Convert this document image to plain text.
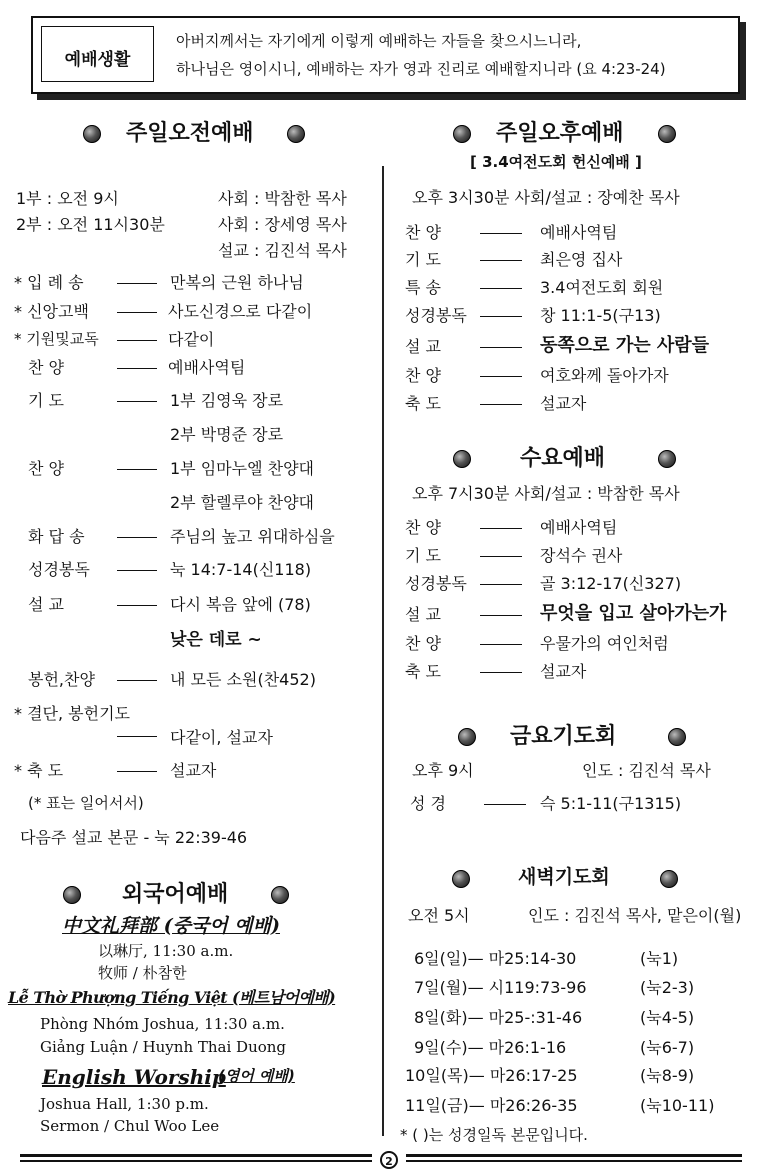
예배생활
아버지께서는 자기에게 이렇게 예배하는 자들을 찾으시느니라,
하나님은 영이시니, 예배하는 자가 영과 진리로 예배할지니라 (요 4:23-24)
주일오전예배
1부 : 오전 9시	사회 : 박참한 목사
2부 : 오전 11시30분	사회 : 장세영 목사
설교 : 김진석 목사
* 입 례 송	만복의 근원 하나님
* 신앙고백	사도신경으로 다같이
* 기원및교독	다같이
찬 양	예배사역팀
기 도	1부 김영욱 장로
2부 박명준 장로
찬 양	1부 임마누엘 찬양대
2부 할렐루야 찬양대
화 답 송	주님의 높고 위대하심을
성경봉독	눅 14:7-14(신118)
설 교	다시 복음 앞에 (78)
낮은 데로 ~
봉헌,찬양	내 모든 소원(찬452)
* 결단, 봉헌기도
다같이, 설교자
* 축 도	설교자
(* 표는 일어서서)
다음주 설교 본문 - 눅 22:39-46
외국어예배
中文礼拜部 (중국어 예배)
以琳厅, 11:30 a.m.
牧师 / 朴참한
Lễ Thờ Phượng Tiếng Việt (베트남어예배)
Phòng Nhóm Joshua, 11:30 a.m.
Giảng Luận / Huynh Thai Duong
English Worship
(영어 예배)
Joshua Hall, 1:30 p.m.
Sermon / Chul Woo Lee
주일오후예배
[ 3.4여전도회 헌신예배 ]
오후 3시30분 사회/설교 : 장예찬 목사
찬 양	예배사역팀
기 도	최은영 집사
특 송	3.4여전도회 회원
성경봉독	창 11:1-5(구13)
설 교	동쪽으로 가는 사람들
찬 양	여호와께 돌아가자
축 도	설교자
수요예배
오후 7시30분 사회/설교 : 박참한 목사
찬 양	예배사역팀
기 도	장석수 권사
성경봉독	골 3:12-17(신327)
설 교	무엇을 입고 살아가는가
찬 양	우물가의 여인처럼
축 도	설교자
금요기도회
오후 9시	인도 : 김진석 목사
성 경	슥 5:1-11(구1315)
새벽기도회
오전 5시	인도 : 김진석 목사, 맡은이(월)
6일(일)— 마25:14-30	(눅1)
7일(월)— 시119:73-96	(눅2-3)
8일(화)— 마25-:31-46	(눅4-5)
9일(수)— 마26:1-16	(눅6-7)
10일(목)— 마26:17-25	(눅8-9)
11일(금)— 마26:26-35	(눅10-11)
* ( )는 성경일독 본문입니다.
2
